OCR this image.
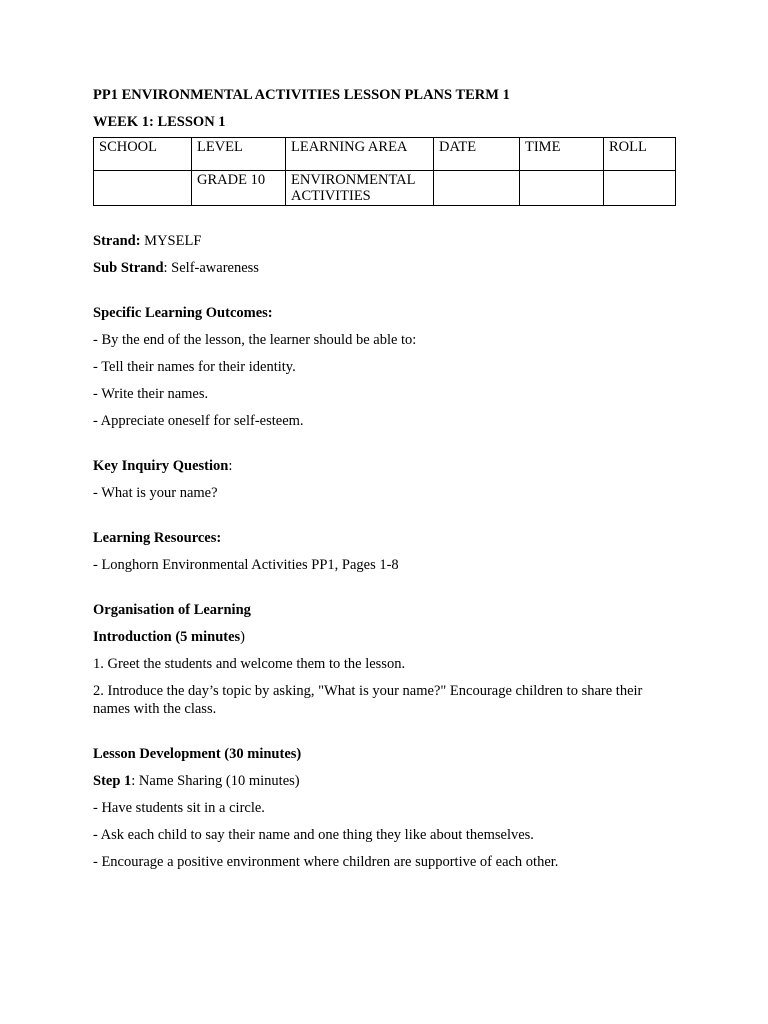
PP1 ENVIRONMENTAL ACTIVITIES LESSON PLANS TERM 1

WEEK 1: LESSON 1

SCHOOL	LEVEL	LEARNING AREA	DATE	TIME	ROLL
	GRADE 10	ENVIRONMENTAL ACTIVITIES			

Strand: MYSELF

Sub Strand: Self-awareness

Specific Learning Outcomes:

- By the end of the lesson, the learner should be able to:

- Tell their names for their identity.

- Write their names.

- Appreciate oneself for self-esteem.

Key Inquiry Question:

- What is your name?

Learning Resources:

- Longhorn Environmental Activities PP1, Pages 1-8

Organisation of Learning

Introduction (5 minutes)

1. Greet the students and welcome them to the lesson.

2. Introduce the day’s topic by asking, "What is your name?" Encourage children to share their names with the class.

Lesson Development (30 minutes)

Step 1: Name Sharing (10 minutes)

- Have students sit in a circle.

- Ask each child to say their name and one thing they like about themselves.

- Encourage a positive environment where children are supportive of each other.
